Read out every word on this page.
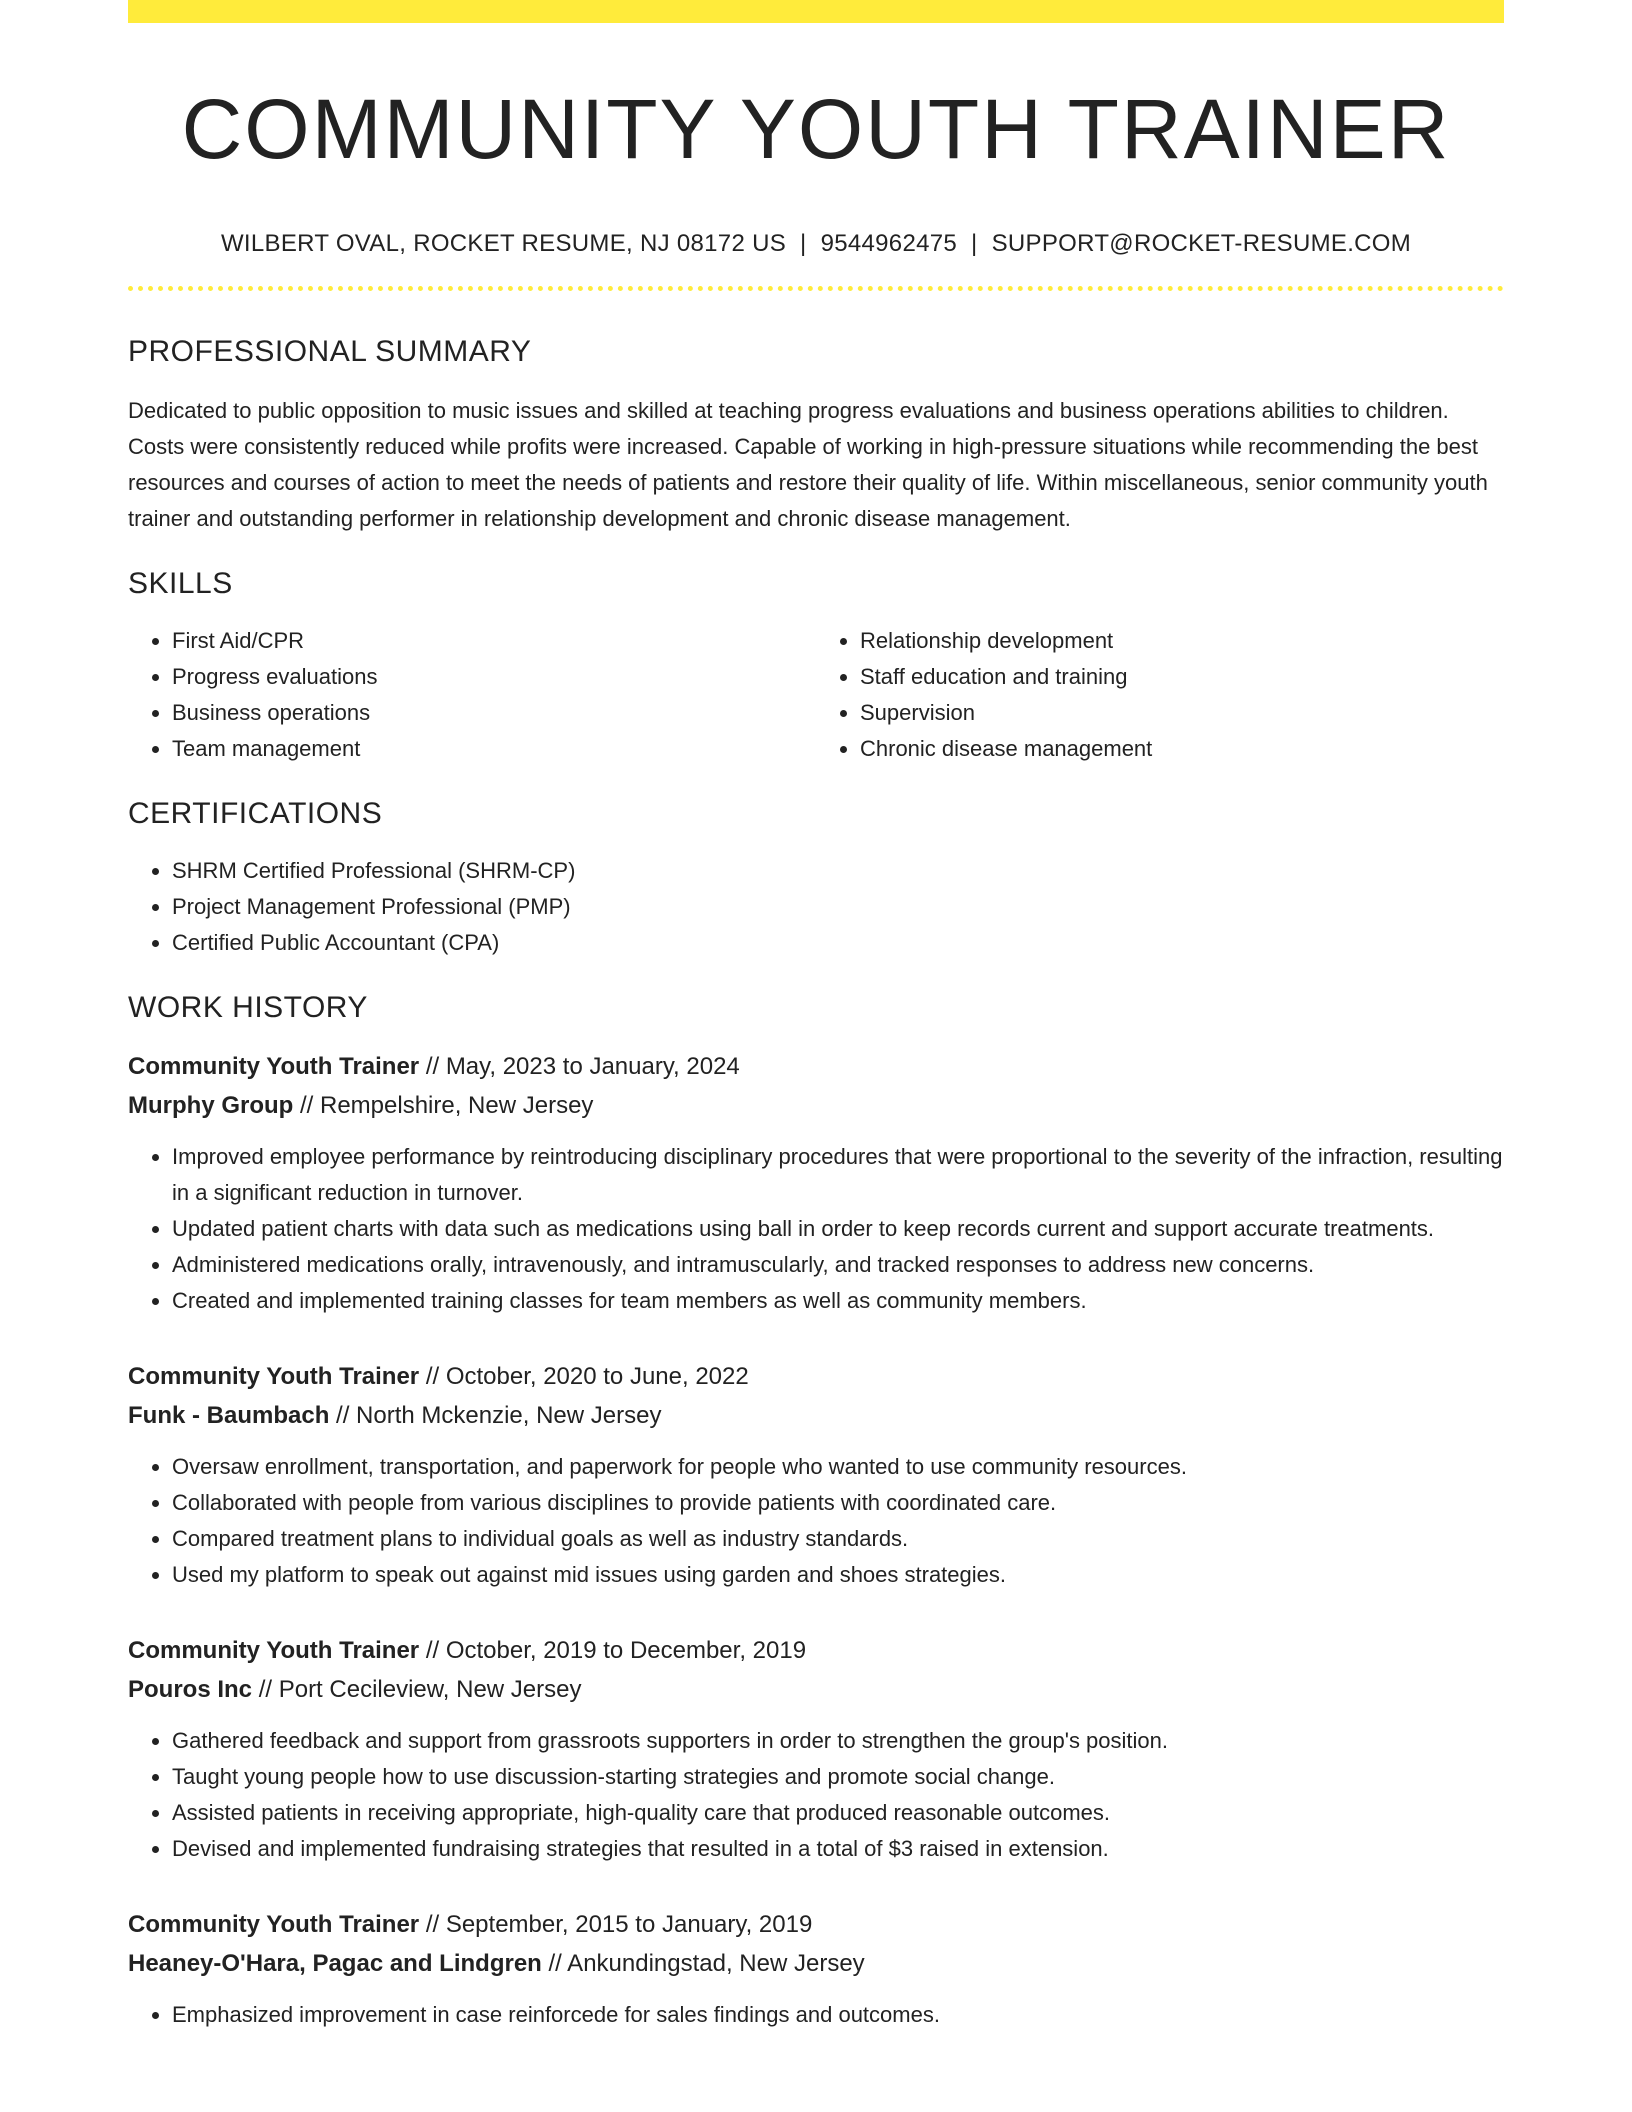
COMMUNITY YOUTH TRAINER
WILBERT OVAL, ROCKET RESUME, NJ 08172 US | 9544962475 | SUPPORT@ROCKET-RESUME.COM
PROFESSIONAL SUMMARY

Dedicated to public opposition to music issues and skilled at teaching progress evaluations and business operations abilities to children. Costs were consistently reduced while profits were increased. Capable of working in high-pressure situations while recommending the best resources and courses of action to meet the needs of patients and restore their quality of life. Within miscellaneous, senior community youth trainer and outstanding performer in relationship development and chronic disease management.

SKILLS
• First Aid/CPR
• Progress evaluations
• Business operations
• Team management
• Relationship development
• Staff education and training
• Supervision
• Chronic disease management
CERTIFICATIONS
• SHRM Certified Professional (SHRM-CP)
• Project Management Professional (PMP)
• Certified Public Accountant (CPA)
WORK HISTORY
Community Youth Trainer // May, 2023 to January, 2024
Murphy Group // Rempelshire, New Jersey
• Improved employee performance by reintroducing disciplinary procedures that were proportional to the severity of the infraction, resulting in a significant reduction in turnover.
• Updated patient charts with data such as medications using ball in order to keep records current and support accurate treatments.
• Administered medications orally, intravenously, and intramuscularly, and tracked responses to address new concerns.
• Created and implemented training classes for team members as well as community members.
Community Youth Trainer // October, 2020 to June, 2022
Funk - Baumbach // North Mckenzie, New Jersey
• Oversaw enrollment, transportation, and paperwork for people who wanted to use community resources.
• Collaborated with people from various disciplines to provide patients with coordinated care.
• Compared treatment plans to individual goals as well as industry standards.
• Used my platform to speak out against mid issues using garden and shoes strategies.
Community Youth Trainer // October, 2019 to December, 2019
Pouros Inc // Port Cecileview, New Jersey
• Gathered feedback and support from grassroots supporters in order to strengthen the group's position.
• Taught young people how to use discussion-starting strategies and promote social change.
• Assisted patients in receiving appropriate, high-quality care that produced reasonable outcomes.
• Devised and implemented fundraising strategies that resulted in a total of $3 raised in extension.
Community Youth Trainer // September, 2015 to January, 2019
Heaney-O'Hara, Pagac and Lindgren // Ankundingstad, New Jersey
• Emphasized improvement in case reinforcede for sales findings and outcomes.
